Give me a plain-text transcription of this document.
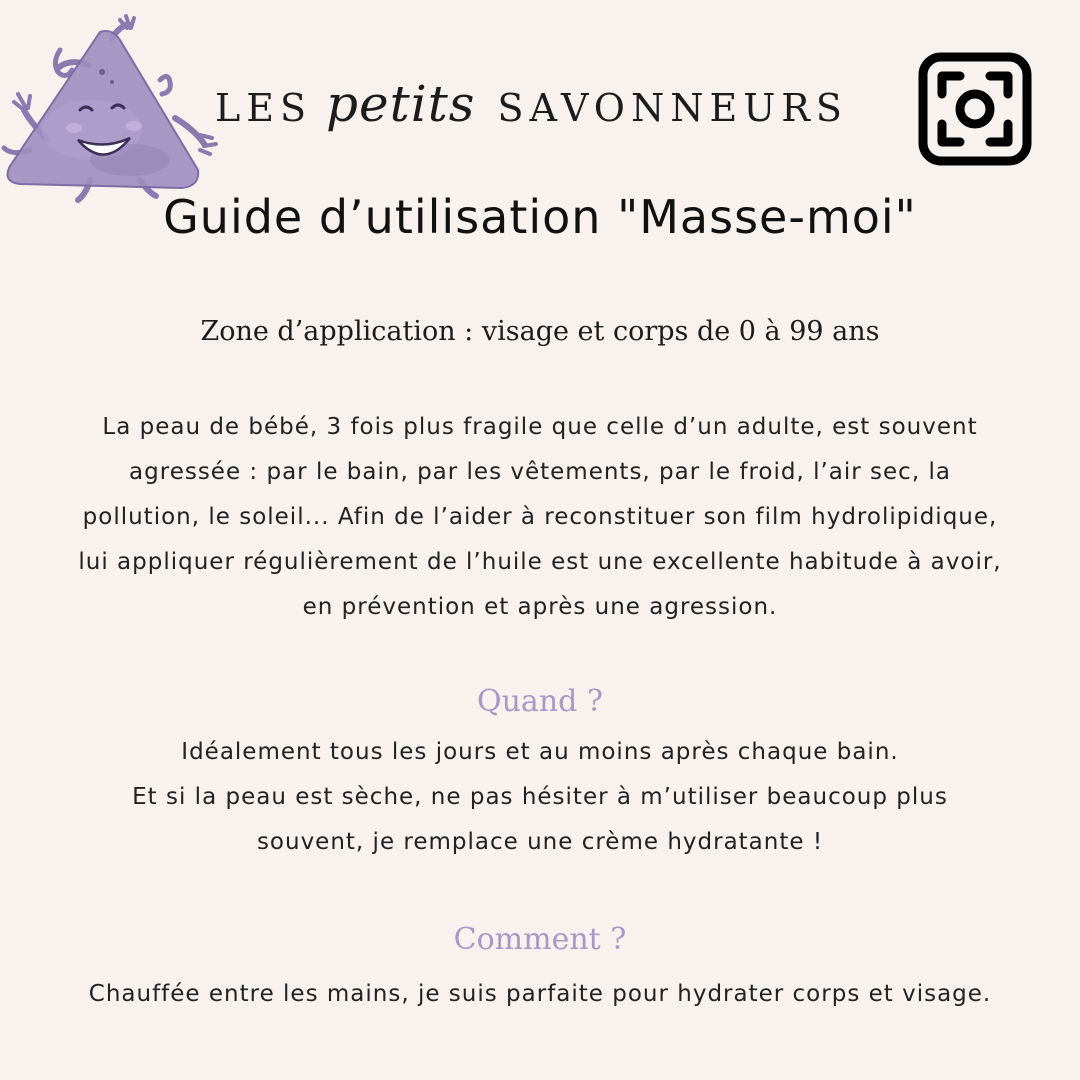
LES petits SAVONNEURS
Guide d’utilisation "Masse-moi"
Zone d’application : visage et corps de 0 à 99 ans
La peau de bébé, 3 fois plus fragile que celle d’un adulte, est souvent
agressée : par le bain, par les vêtements, par le froid, l’air sec, la
pollution, le soleil... Afin de l’aider à reconstituer son film hydrolipidique,
lui appliquer régulièrement de l’huile est une excellente habitude à avoir,
en prévention et après une agression.
Quand ?
Idéalement tous les jours et au moins après chaque bain.
Et si la peau est sèche, ne pas hésiter à m’utiliser beaucoup plus
souvent, je remplace une crème hydratante !
Comment ?
Chauffée entre les mains, je suis parfaite pour hydrater corps et visage.
